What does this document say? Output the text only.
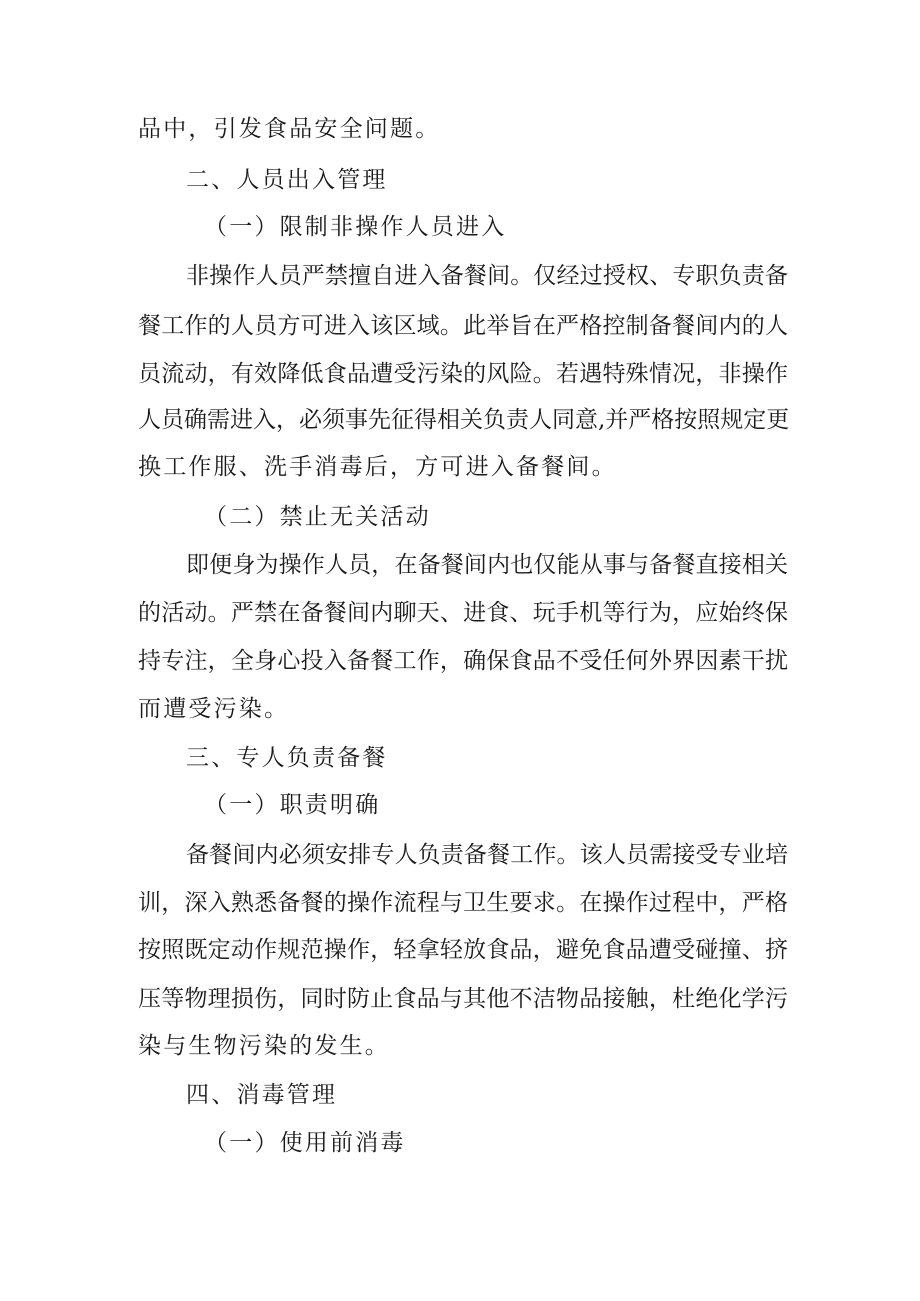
品中，引发食品安全问题。
二、人员出入管理
（一）限制非操作人员进入
非操作人员严禁擅自进入备餐间。仅经过授权、专职负责备
餐工作的人员方可进入该区域。此举旨在严格控制备餐间内的人
员流动，有效降低食品遭受污染的风险。若遇特殊情况，非操作
人员确需进入，必须事先征得相关负责人同意,并严格按照规定更
换工作服、洗手消毒后，方可进入备餐间。
（二）禁止无关活动
即便身为操作人员，在备餐间内也仅能从事与备餐直接相关
的活动。严禁在备餐间内聊天、进食、玩手机等行为，应始终保
持专注，全身心投入备餐工作，确保食品不受任何外界因素干扰
而遭受污染。
三、专人负责备餐
（一）职责明确
备餐间内必须安排专人负责备餐工作。该人员需接受专业培
训，深入熟悉备餐的操作流程与卫生要求。在操作过程中，严格
按照既定动作规范操作，轻拿轻放食品，避免食品遭受碰撞、挤
压等物理损伤，同时防止食品与其他不洁物品接触，杜绝化学污
染与生物污染的发生。
四、消毒管理
（一）使用前消毒
